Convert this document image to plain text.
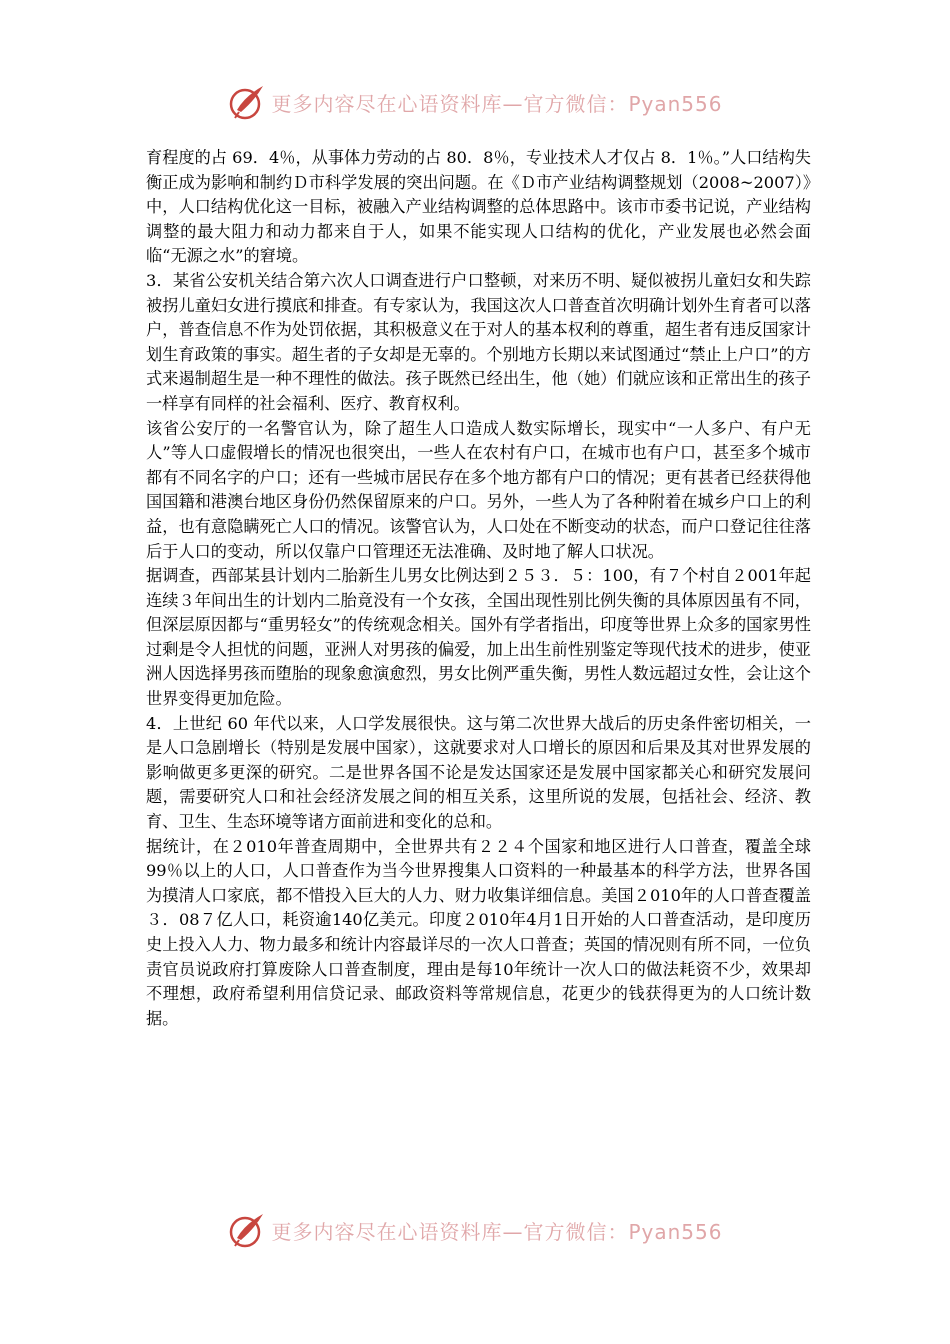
更多内容尽在心语资料库—官方微信：Pyan556

育程度的占 69．4％，从事体力劳动的占 80．8％，专业技术人才仅占 8．1％。”人口结构失衡正成为影响和制约Ｄ市科学发展的突出问题。在《Ｄ市产业结构调整规划（2008~2007）》中，人口结构优化这一目标，被融入产业结构调整的总体思路中。该市市委书记说，产业结构调整的最大阻力和动力都来自于人，如果不能实现人口结构的优化，产业发展也必然会面临“无源之水”的窘境。

3．某省公安机关结合第六次人口调查进行户口整顿，对来历不明、疑似被拐儿童妇女和失踪被拐儿童妇女进行摸底和排查。有专家认为，我国这次人口普查首次明确计划外生育者可以落户，普查信息不作为处罚依据，其积极意义在于对人的基本权利的尊重，超生者有违反国家计划生育政策的事实。超生者的子女却是无辜的。个别地方长期以来试图通过“禁止上户口”的方式来遏制超生是一种不理性的做法。孩子既然已经出生，他（她）们就应该和正常出生的孩子一样享有同样的社会福利、医疗、教育权利。

该省公安厅的一名警官认为，除了超生人口造成人数实际增长，现实中“一人多户、有户无人”等人口虚假增长的情况也很突出，一些人在农村有户口，在城市也有户口，甚至多个城市都有不同名字的户口；还有一些城市居民存在多个地方都有户口的情况；更有甚者已经获得他国国籍和港澳台地区身份仍然保留原来的户口。另外，一些人为了各种附着在城乡户口上的利益，也有意隐瞒死亡人口的情况。该警官认为，人口处在不断变动的状态，而户口登记往往落后于人口的变动，所以仅靠户口管理还无法准确、及时地了解人口状况。

据调查，西部某县计划内二胎新生儿男女比例达到２５３．５：100，有７个村自２001年起连续３年间出生的计划内二胎竟没有一个女孩，全国出现性别比例失衡的具体原因虽有不同，但深层原因都与“重男轻女”的传统观念相关。国外有学者指出，印度等世界上众多的国家男性过剩是令人担忧的问题，亚洲人对男孩的偏爱，加上出生前性别鉴定等现代技术的进步，使亚洲人因选择男孩而堕胎的现象愈演愈烈，男女比例严重失衡，男性人数远超过女性，会让这个世界变得更加危险。

4．上世纪 60 年代以来，人口学发展很快。这与第二次世界大战后的历史条件密切相关，一是人口急剧增长（特别是发展中国家），这就要求对人口增长的原因和后果及其对世界发展的影响做更多更深的研究。二是世界各国不论是发达国家还是发展中国家都关心和研究发展问题，需要研究人口和社会经济发展之间的相互关系，这里所说的发展，包括社会、经济、教育、卫生、生态环境等诸方面前进和变化的总和。

据统计，在２010年普查周期中，全世界共有２２４个国家和地区进行人口普查，覆盖全球99％以上的人口，人口普查作为当今世界搜集人口资料的一种最基本的科学方法，世界各国为摸清人口家底，都不惜投入巨大的人力、财力收集详细信息。美国２010年的人口普查覆盖３．08７亿人口，耗资逾140亿美元。印度２010年4月1日开始的人口普查活动，是印度历史上投入人力、物力最多和统计内容最详尽的一次人口普查；英国的情况则有所不同，一位负责官员说政府打算废除人口普查制度，理由是每10年统计一次人口的做法耗资不少，效果却不理想，政府希望利用信贷记录、邮政资料等常规信息，花更少的钱获得更为的人口统计数据。

更多内容尽在心语资料库—官方微信：Pyan556
